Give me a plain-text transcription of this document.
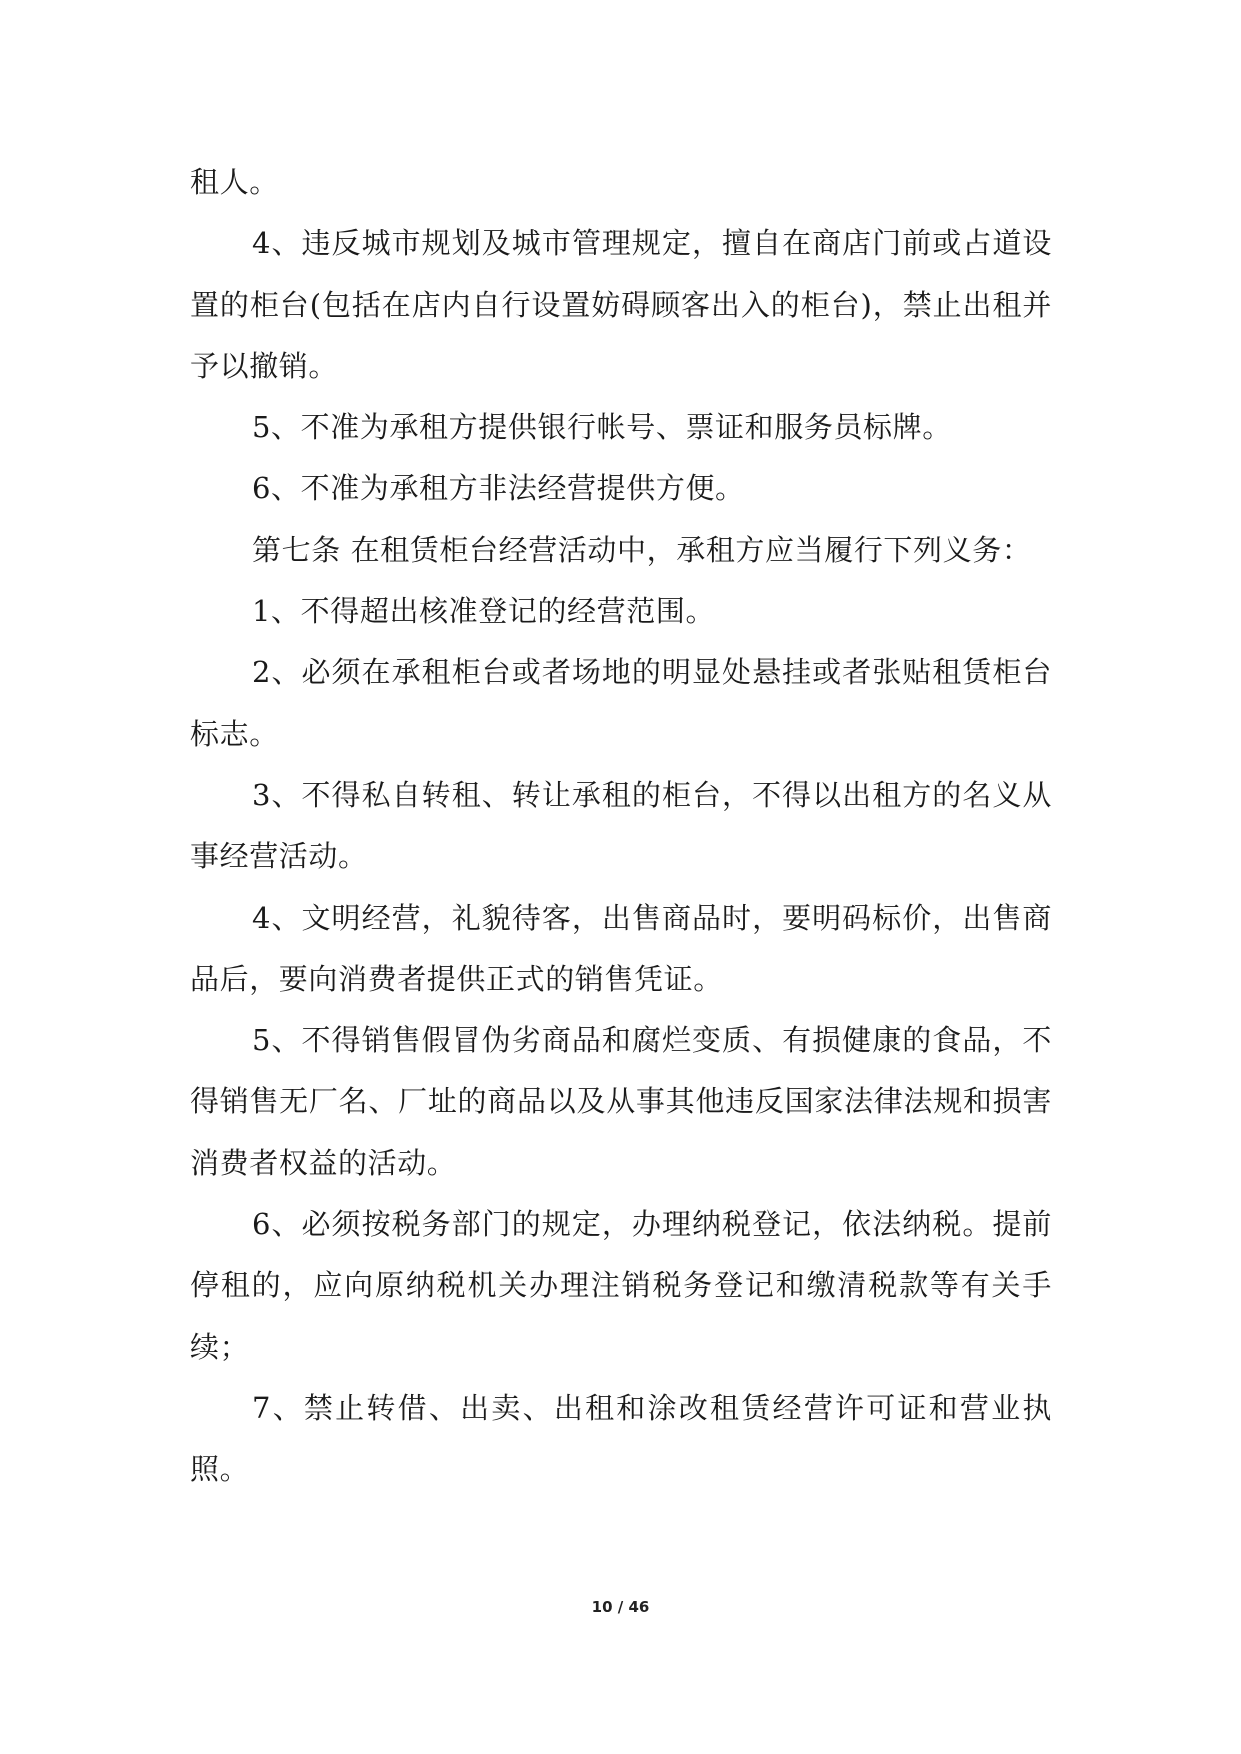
租人。

4、违反城市规划及城市管理规定，擅自在商店门前或占道设置的柜台(包括在店内自行设置妨碍顾客出入的柜台)，禁止出租并予以撤销。

5、不准为承租方提供银行帐号、票证和服务员标牌。

6、不准为承租方非法经营提供方便。

第七条 在租赁柜台经营活动中，承租方应当履行下列义务：

1、不得超出核准登记的经营范围。

2、必须在承租柜台或者场地的明显处悬挂或者张贴租赁柜台标志。

3、不得私自转租、转让承租的柜台，不得以出租方的名义从事经营活动。

4、文明经营，礼貌待客，出售商品时，要明码标价，出售商品后，要向消费者提供正式的销售凭证。

5、不得销售假冒伪劣商品和腐烂变质、有损健康的食品，不得销售无厂名、厂址的商品以及从事其他违反国家法律法规和损害消费者权益的活动。

6、必须按税务部门的规定，办理纳税登记，依法纳税。提前停租的，应向原纳税机关办理注销税务登记和缴清税款等有关手续；

7、禁止转借、出卖、出租和涂改租赁经营许可证和营业执照。

10 / 46
